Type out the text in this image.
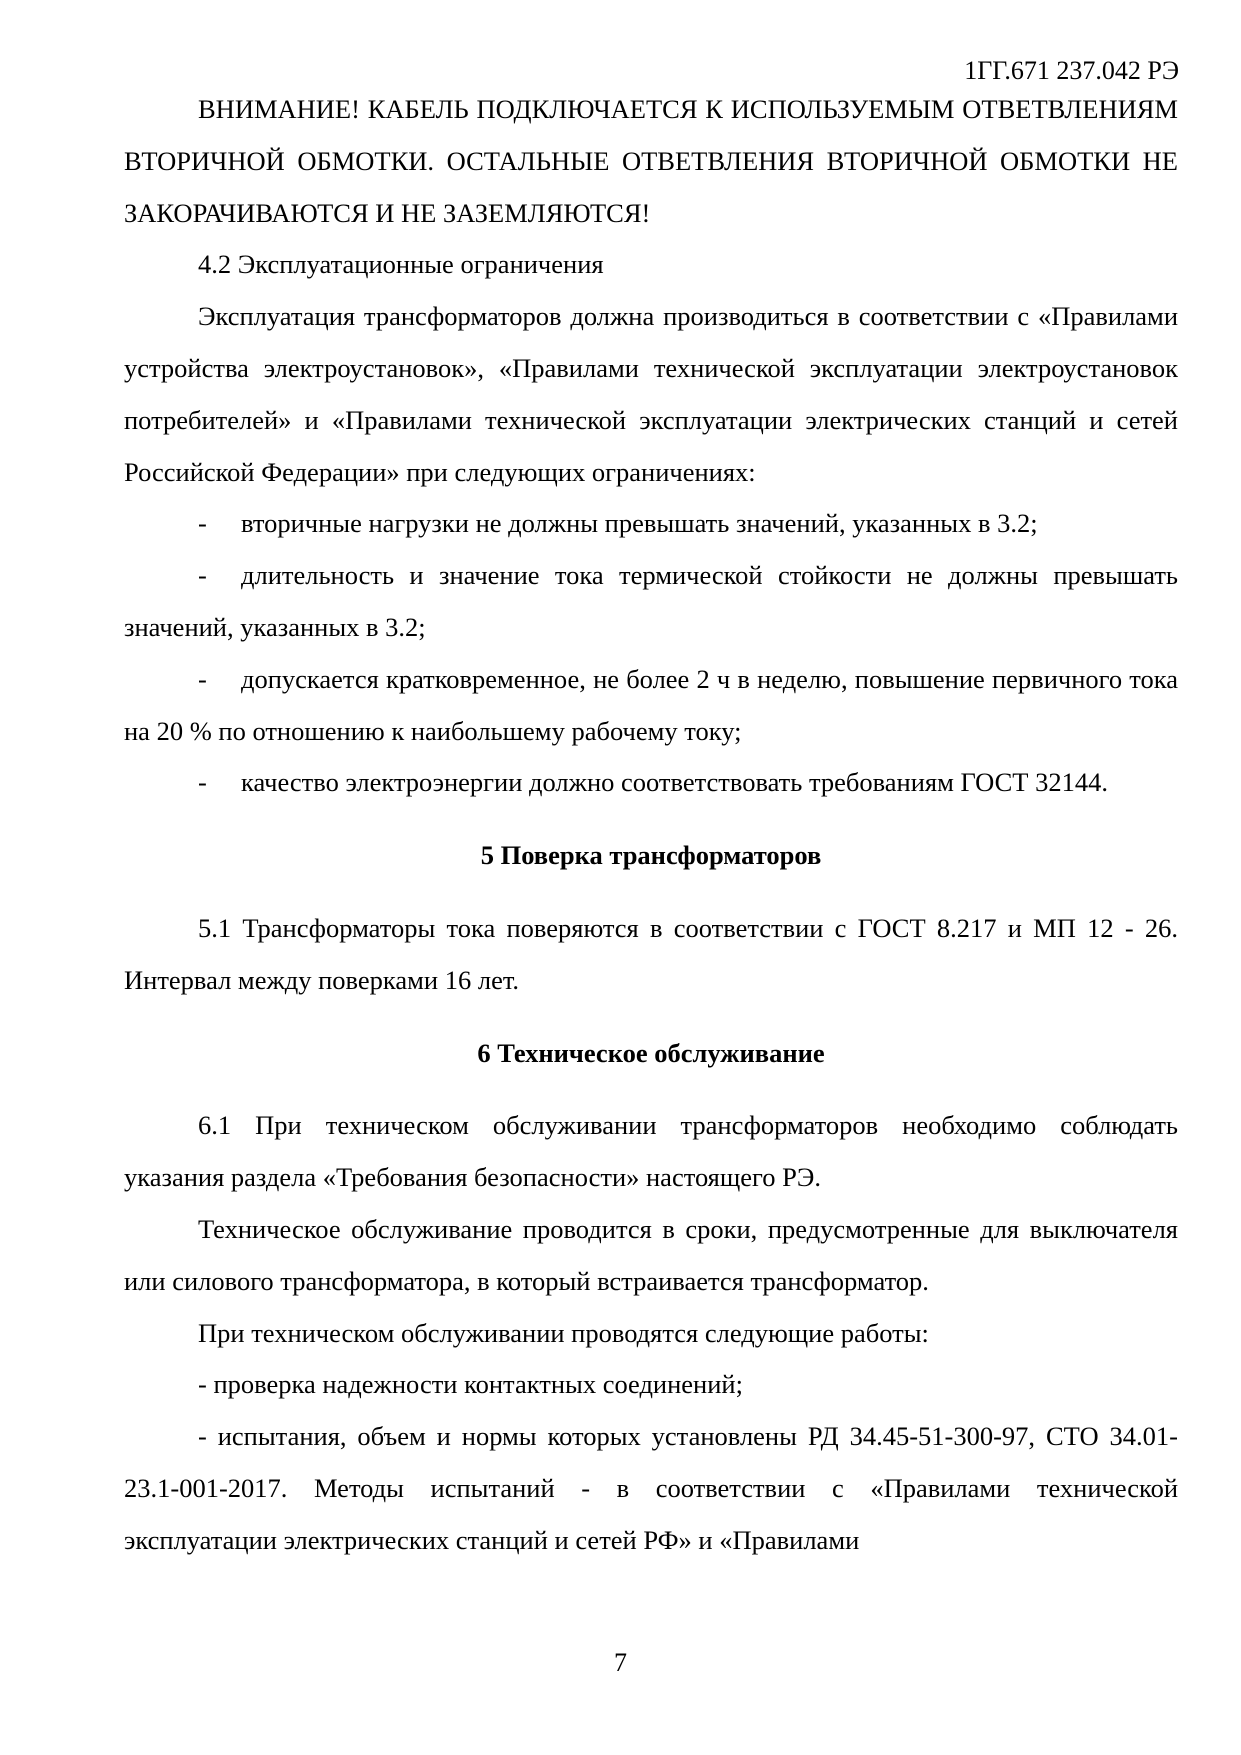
1ГГ.671 237.042 РЭ

ВНИМАНИЕ! КАБЕЛЬ ПОДКЛЮЧАЕТСЯ К ИСПОЛЬЗУЕМЫМ ОТВЕТВЛЕНИЯМ ВТОРИЧНОЙ ОБМОТКИ. ОСТАЛЬНЫЕ ОТВЕТВЛЕНИЯ ВТОРИЧНОЙ ОБМОТКИ НЕ ЗАКОРАЧИВАЮТСЯ И НЕ ЗАЗЕМЛЯЮТСЯ!

4.2 Эксплуатационные ограничения

Эксплуатация трансформаторов должна производиться в соответствии с «Правилами устройства электроустановок», «Правилами технической эксплуатации электроустановок потребителей» и «Правилами технической эксплуатации электрических станций и сетей Российской Федерации» при следующих ограничениях:

- вторичные нагрузки не должны превышать значений, указанных в 3.2;

- длительность и значение тока термической стойкости не должны превышать значений, указанных в 3.2;

- допускается кратковременное, не более 2 ч в неделю, повышение первичного тока на 20 % по отношению к наибольшему рабочему току;

- качество электроэнергии должно соответствовать требованиям ГОСТ 32144.

5 Поверка трансформаторов

5.1 Трансформаторы тока поверяются в соответствии с ГОСТ 8.217 и МП 12 - 26. Интервал между поверками 16 лет.

6 Техническое обслуживание

6.1 При техническом обслуживании трансформаторов необходимо соблюдать указания раздела «Требования безопасности» настоящего РЭ.

Техническое обслуживание проводится в сроки, предусмотренные для выключателя или силового трансформатора, в который встраивается трансформатор.

При техническом обслуживании проводятся следующие работы:

- проверка надежности контактных соединений;

- испытания, объем и нормы которых установлены РД 34.45-51-300-97, СТО 34.01-23.1-001-2017. Методы испытаний - в соответствии с «Правилами технической эксплуатации электрических станций и сетей РФ» и «Правилами

7
